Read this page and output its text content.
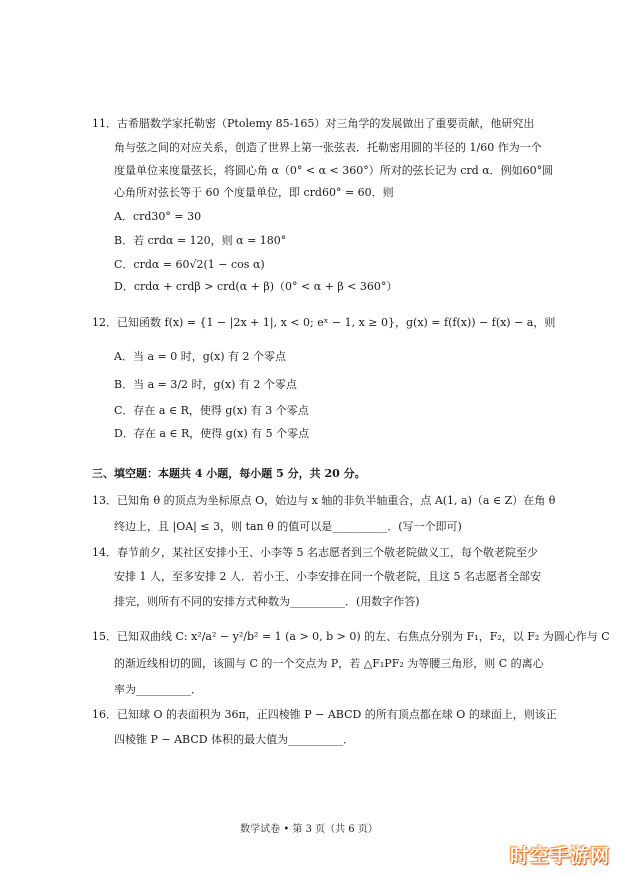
11．古希腊数学家托勒密（Ptolemy 85-165）对三角学的发展做出了重要贡献，他研究出
角与弦之间的对应关系，创造了世界上第一张弦表．托勒密用圆的半径的 1/60 作为一个
度量单位来度量弦长，将圆心角 α（0° < α < 360°）所对的弦长记为 crd α．例如60°圆
心角所对弦长等于 60 个度量单位，即 crd60° = 60．则
A．crd30° = 30
B．若 crdα = 120，则 α = 180°
C．crdα = 60√2(1 − cos α)
D．crdα + crdβ > crd(α + β)（0° < α + β < 360°）
12．已知函数 f(x) = {1 − |2x + 1|, x < 0; eˣ − 1, x ≥ 0}，g(x) = f(f(x)) − f(x) − a，则
A．当 a = 0 时，g(x) 有 2 个零点
B．当 a = 3/2 时，g(x) 有 2 个零点
C．存在 a ∈ R，使得 g(x) 有 3 个零点
D．存在 a ∈ R，使得 g(x) 有 5 个零点
三、填空题：本题共 4 小题，每小题 5 分，共 20 分。
13．已知角 θ 的顶点为坐标原点 O，始边与 x 轴的非负半轴重合，点 A(1, a)（a ∈ Z）在角 θ
终边上，且 |OA| ≤ 3，则 tan θ 的值可以是__________．(写一个即可)
14．春节前夕，某社区安排小王、小李等 5 名志愿者到三个敬老院做义工，每个敬老院至少
安排 1 人，至多安排 2 人．若小王、小李安排在同一个敬老院，且这 5 名志愿者全部安
排完，则所有不同的安排方式种数为__________．(用数字作答)
15．已知双曲线 C: x²/a² − y²/b² = 1 (a > 0, b > 0) 的左、右焦点分别为 F₁，F₂，以 F₂ 为圆心作与 C
的渐近线相切的圆，该圆与 C 的一个交点为 P，若 △F₁PF₂ 为等腰三角形，则 C 的离心
率为__________．
16．已知球 O 的表面积为 36π，正四棱锥 P − ABCD 的所有顶点都在球 O 的球面上，则该正
四棱锥 P − ABCD 体积的最大值为__________．
数学试卷 • 第 3 页（共 6 页）
时空手游网
